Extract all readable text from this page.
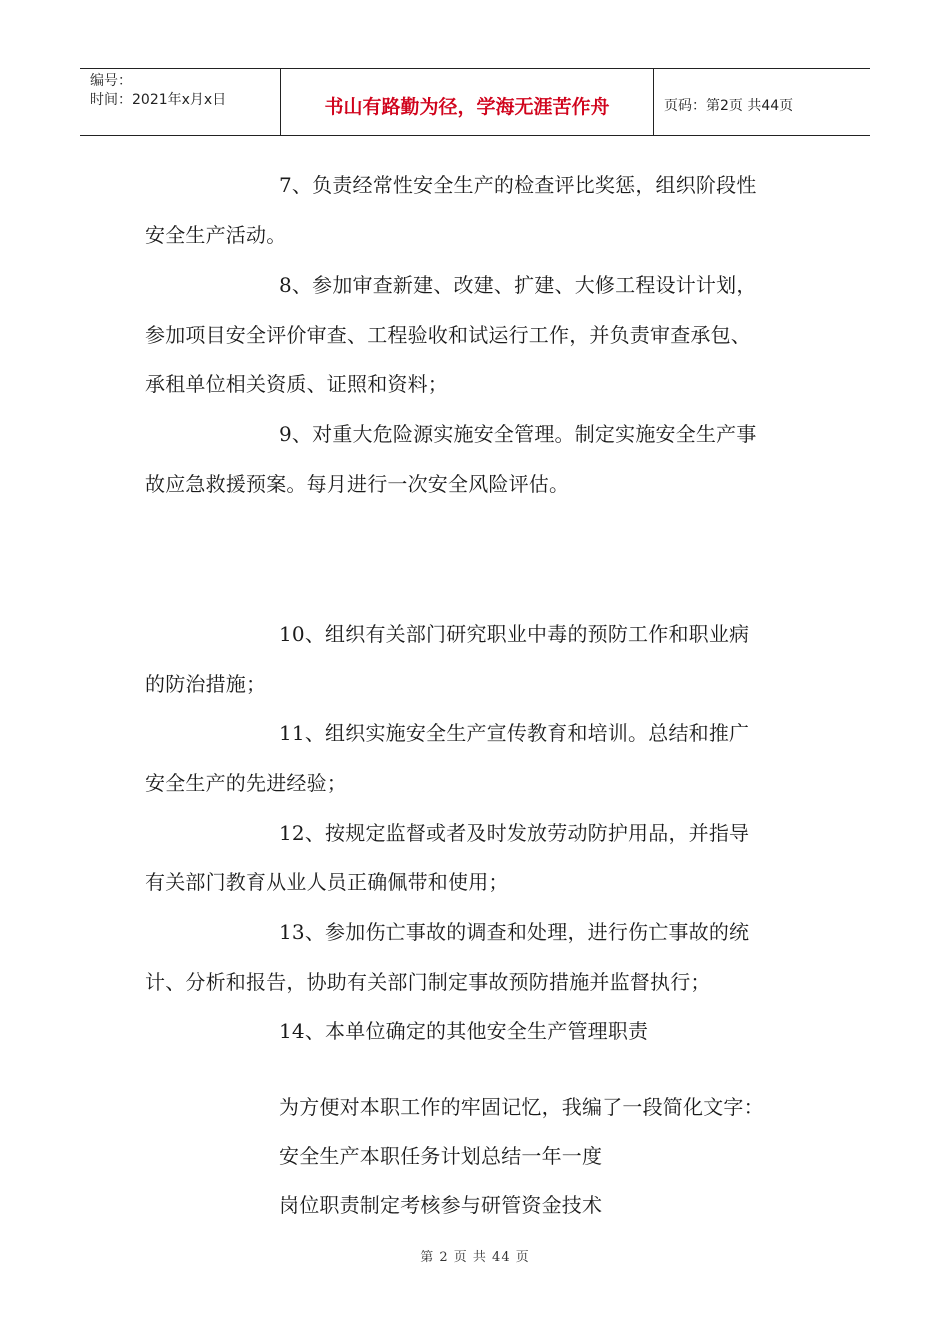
编号：
时间：2021年x月x日	书山有路勤为径，学海无涯苦作舟	页码：第2页 共44页
7、负责经常性安全生产的检查评比奖惩，组织阶段性
安全生产活动。
8、参加审查新建、改建、扩建、大修工程设计计划，
参加项目安全评价审查、工程验收和试运行工作，并负责审查承包、
承租单位相关资质、证照和资料；
9、对重大危险源实施安全管理。制定实施安全生产事
故应急救援预案。每月进行一次安全风险评估。
10、组织有关部门研究职业中毒的预防工作和职业病
的防治措施；
11、组织实施安全生产宣传教育和培训。总结和推广
安全生产的先进经验；
12、按规定监督或者及时发放劳动防护用品，并指导
有关部门教育从业人员正确佩带和使用；
13、参加伤亡事故的调查和处理，进行伤亡事故的统
计、分析和报告，协助有关部门制定事故预防措施并监督执行；
14、本单位确定的其他安全生产管理职责
为方便对本职工作的牢固记忆，我编了一段简化文字：
安全生产本职任务计划总结一年一度
岗位职责制定考核参与研管资金技术
第 2 页 共 44 页
